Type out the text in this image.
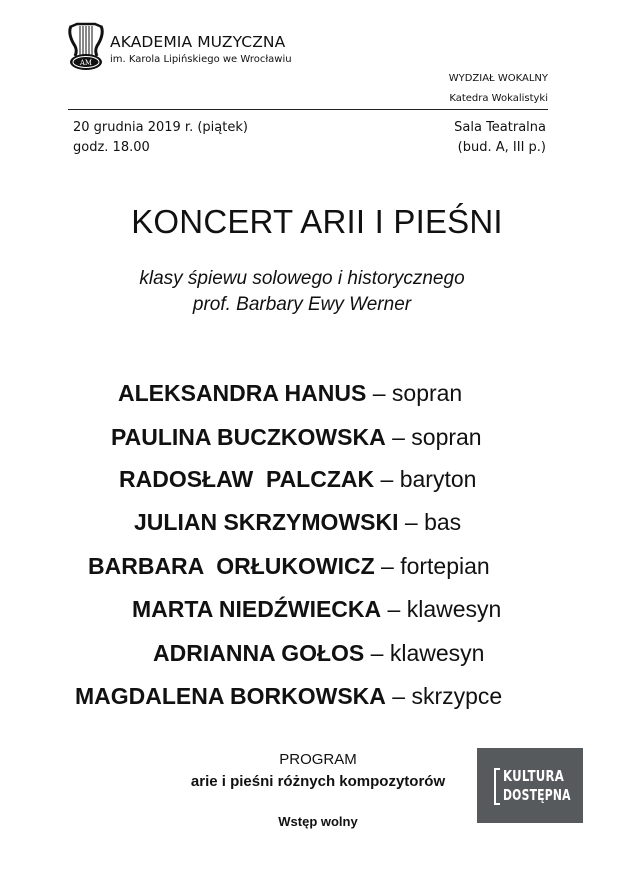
AM
AKADEMIA MUZYCZNA
im. Karola Lipińskiego we Wrocławiu
WYDZIAŁ WOKALNY
Katedra Wokalistyki
20 grudnia 2019 r. (piątek)
godz. 18.00
Sala Teatralna
(bud. A, III p.)
KONCERT ARII I PIEŚNI
klasy śpiewu solowego i historycznego
prof. Barbary Ewy Werner
ALEKSANDRA HANUS – sopran
PAULINA BUCZKOWSKA – sopran
RADOSŁAW  PALCZAK – baryton
JULIAN SKRZYMOWSKI – bas
BARBARA  ORŁUKOWICZ – fortepian
MARTA NIEDŹWIECKA – klawesyn
ADRIANNA GOŁOS – klawesyn
MAGDALENA BORKOWSKA – skrzypce
PROGRAM
arie i pieśni różnych kompozytorów
Wstęp wolny
KULTURA
DOSTĘPNA
